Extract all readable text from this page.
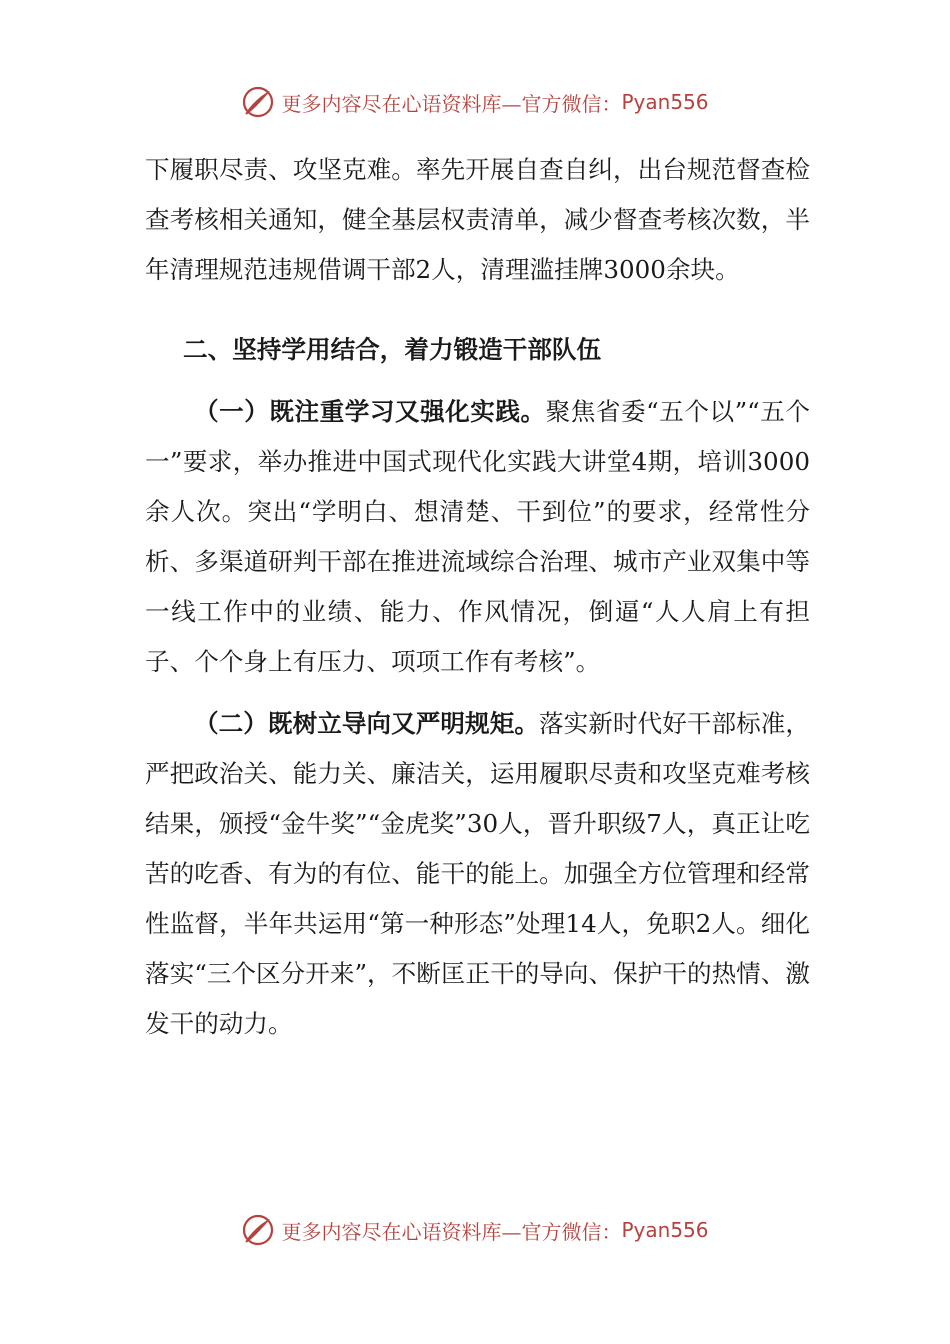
更多内容尽在心语资料库—官方微信： Pyan556

下履职尽责、攻坚克难。率先开展自查自纠，出台规范督查检查考核相关通知，健全基层权责清单，减少督查考核次数，半年清理规范违规借调干部2人，清理滥挂牌3000余块。

二、坚持学用结合，着力锻造干部队伍

（一）既注重学习又强化实践。聚焦省委“五个以”“五个一”要求，举办推进中国式现代化实践大讲堂4期，培训3000余人次。突出“学明白、想清楚、干到位”的要求，经常性分析、多渠道研判干部在推进流域综合治理、城市产业双集中等一线工作中的业绩、能力、作风情况，倒逼“人人肩上有担子、个个身上有压力、项项工作有考核”。

（二）既树立导向又严明规矩。落实新时代好干部标准，严把政治关、能力关、廉洁关，运用履职尽责和攻坚克难考核结果，颁授“金牛奖”“金虎奖”30人，晋升职级7人，真正让吃苦的吃香、有为的有位、能干的能上。加强全方位管理和经常性监督，半年共运用“第一种形态”处理14人，免职2人。细化落实“三个区分开来”，不断匡正干的导向、保护干的热情、激发干的动力。

更多内容尽在心语资料库—官方微信： Pyan556
